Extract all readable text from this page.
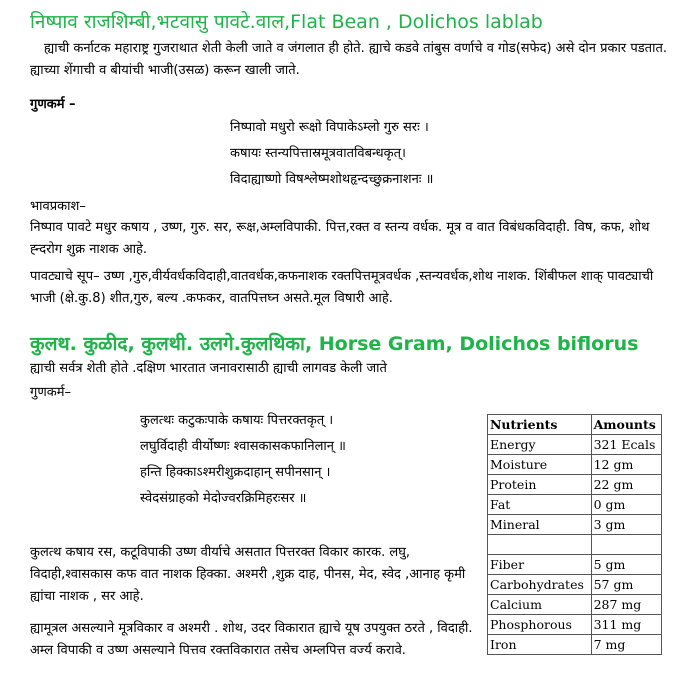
निष्पाव राजशिम्बी,भटवासु पावटे.वाल,Flat Bean , Dolichos lablab
ह्याची कर्नाटक महाराष्ट्र गुजराथात शेती केली जाते व जंगलात ही होते. ह्याचे कडवे तांबुस वर्णाचे व गोड(सफेद) असे दोन प्रकार पडतात. ह्याच्या शेंगाची व बीयांची भाजी(उसळ) करून खाली जाते.
गुणकर्म –
निष्पावो मधुरो रूक्षो विपाकेऽम्लो गुरु सरः ।
कषायः स्तन्यपित्तास्रमूत्रवातविबन्धकृत्।
विदाह्याष्णो विषश्लेष्मशोथहृन्दच्छुक्रनाशनः ॥
भावप्रकाश–
निष्पाव पावटे मधुर कषाय , उष्ण, गुरु. सर, रूक्ष,अम्लविपाकी. पित्त,रक्त व स्तन्य वर्धक. मूत्र व वात विबंधकविदाही. विष, कफ, शोथ ह्न्दरोग शुक्र नाशक आहे.
पावट्याचे सूप– उष्ण ,गुरु,वीर्यवर्धकविदाही,वातवर्धक,कफनाशक रक्तपित्तमूत्रवर्धक ,स्तन्यवर्धक,शोथ नाशक. शिंबीफल शाक् पावट्याची भाजी (क्षे.कु.8) शीत,गुरु, बल्य .कफकर, वातपित्तघ्न असते.मूल विषारी आहे.
कुलथ. कुळीद, कुलथी. उलगे.कुलथिका, Horse Gram, Dolichos biflorus
ह्याची सर्वत्र शेती होते .दक्षिण भारतात जनावरासाठी ह्याची लागवड केली जाते
गुणकर्म–
कुलत्थः कटुकःपाके कषायः पित्तरक्तकृत् ।
लघुर्विदाही वीर्योष्णः श्वासकासकफानिलान् ॥
हन्ति हिक्काऽश्मरीशुक्रदाहान् सपीनसान् ।
स्वेदसंग्राहको मेदोज्वरक्रिमिहरःसर ॥
Nutrients	Amounts
Energy	321 Ecals
Moisture	12 gm
Protein	22 gm
Fat	0 gm
Mineral	3 gm

Fiber	5 gm
Carbohydrates	57 gm
Calcium	287 mg
Phosphorous	311 mg
Iron	7 mg
कुलत्थ कषाय रस, कटूविपाकी उष्ण वीर्याचे असतात पित्तरक्त विकार कारक. लघु, विदाही,श्वासकास कफ वात नाशक हिक्का. अश्मरी ,शुक्र दाह, पीनस, मेद, स्वेद ,आनाह कृमी ह्यांचा नाशक , सर आहे.
ह्यामूत्रल असल्याने मूत्रविकार व अश्मरी . शोथ, उदर विकारात ह्याचे यूष उपयुक्त ठरते , विदाही. अम्ल विपाकी व उष्ण असल्याने पित्तव रक्तविकारात तसेच अम्लपित्त वर्ज्य करावे.
